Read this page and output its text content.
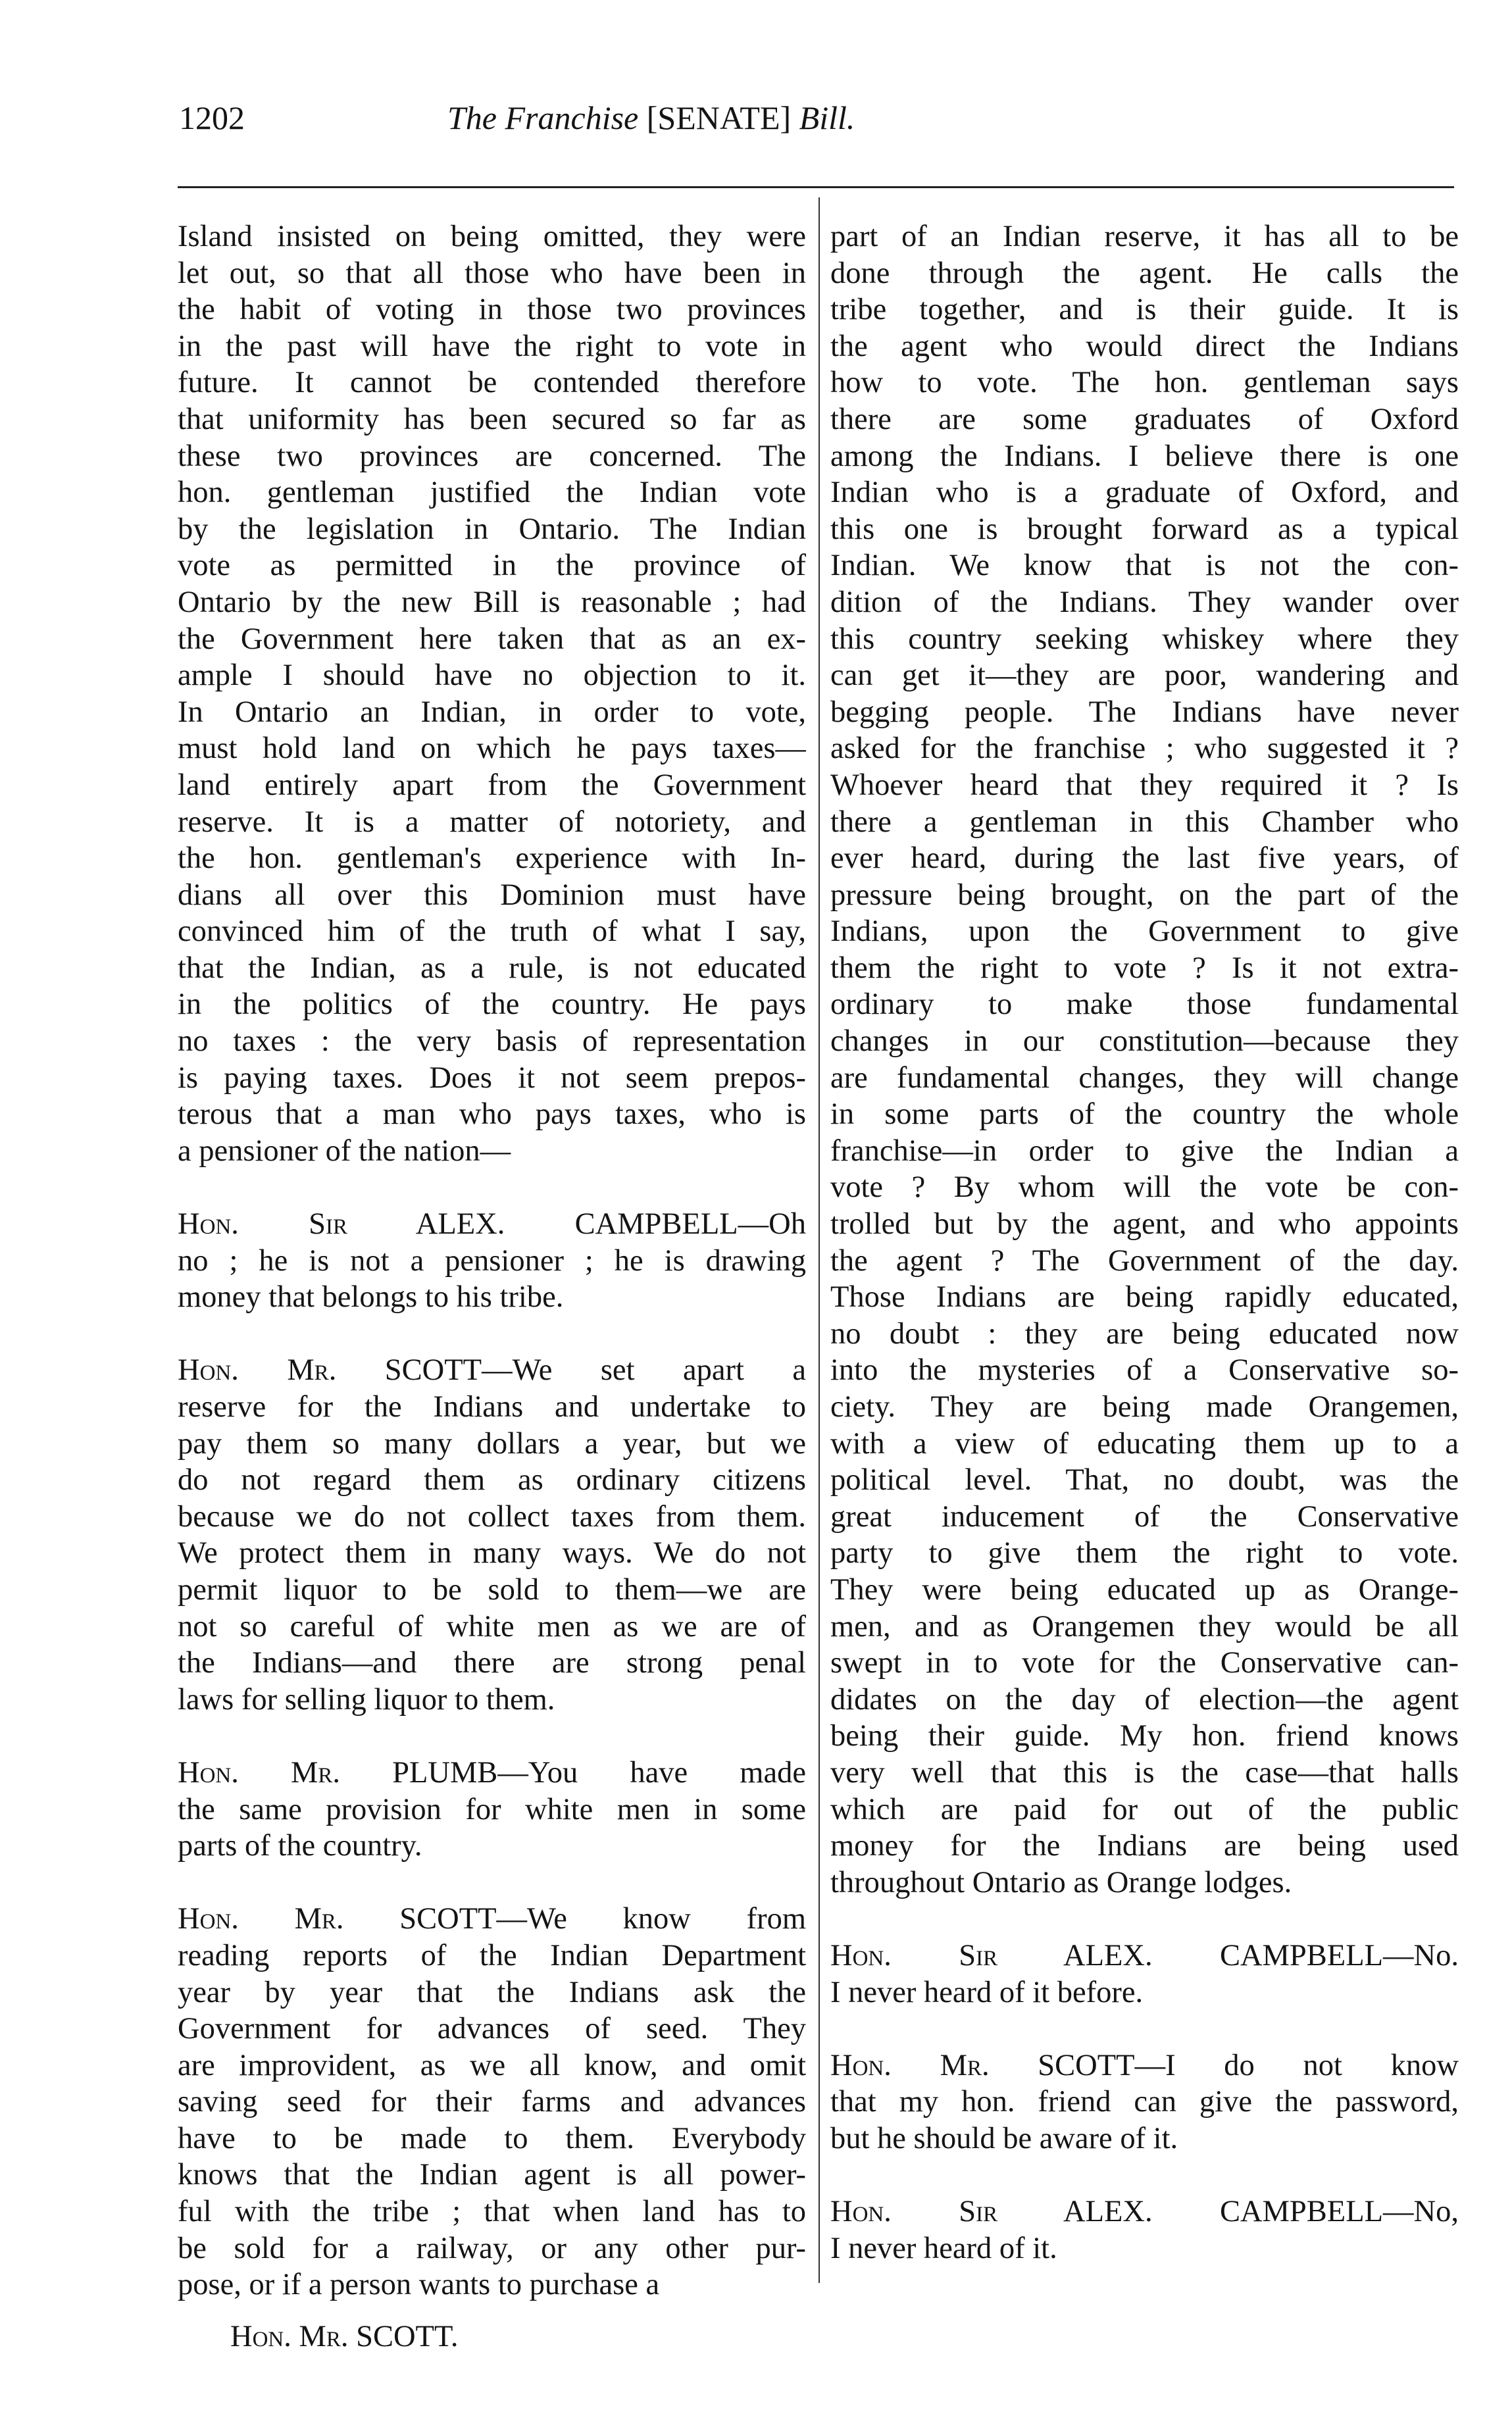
1202	The Franchise [SENATE] Bill.
Island insisted on being omitted, they were
let out, so that all those who have been in
the habit of voting in those two provinces
in the past will have the right to vote in
future. It cannot be contended therefore
that uniformity has been secured so far as
these two provinces are concerned. The
hon. gentleman justified the Indian vote
by the legislation in Ontario. The Indian
vote as permitted in the province of
Ontario by the new Bill is reasonable ; had
the Government here taken that as an ex-
ample I should have no objection to it.
In Ontario an Indian, in order to vote,
must hold land on which he pays taxes—
land entirely apart from the Government
reserve. It is a matter of notoriety, and
the hon. gentleman's experience with In-
dians all over this Dominion must have
convinced him of the truth of what I say,
that the Indian, as a rule, is not educated
in the politics of the country. He pays
no taxes : the very basis of representation
is paying taxes. Does it not seem prepos-
terous that a man who pays taxes, who is
a pensioner of the nation—
Hon. Sir ALEX. CAMPBELL—Oh
no ; he is not a pensioner ; he is drawing
money that belongs to his tribe.
Hon. Mr. SCOTT—We set apart a
reserve for the Indians and undertake to
pay them so many dollars a year, but we
do not regard them as ordinary citizens
because we do not collect taxes from them.
We protect them in many ways. We do not
permit liquor to be sold to them—we are
not so careful of white men as we are of
the Indians—and there are strong penal
laws for selling liquor to them.
Hon. Mr. PLUMB—You have made
the same provision for white men in some
parts of the country.
Hon. Mr. SCOTT—We know from
reading reports of the Indian Department
year by year that the Indians ask the
Government for advances of seed. They
are improvident, as we all know, and omit
saving seed for their farms and advances
have to be made to them. Everybody
knows that the Indian agent is all power-
ful with the tribe ; that when land has to
be sold for a railway, or any other pur-
pose, or if a person wants to purchase a
part of an Indian reserve, it has all to be
done through the agent. He calls the
tribe together, and is their guide. It is
the agent who would direct the Indians
how to vote. The hon. gentleman says
there are some graduates of Oxford
among the Indians. I believe there is one
Indian who is a graduate of Oxford, and
this one is brought forward as a typical
Indian. We know that is not the con-
dition of the Indians. They wander over
this country seeking whiskey where they
can get it—they are poor, wandering and
begging people. The Indians have never
asked for the franchise ; who suggested it ?
Whoever heard that they required it ? Is
there a gentleman in this Chamber who
ever heard, during the last five years, of
pressure being brought, on the part of the
Indians, upon the Government to give
them the right to vote ? Is it not extra-
ordinary to make those fundamental
changes in our constitution—because they
are fundamental changes, they will change
in some parts of the country the whole
franchise—in order to give the Indian a
vote ? By whom will the vote be con-
trolled but by the agent, and who appoints
the agent ? The Government of the day.
Those Indians are being rapidly educated,
no doubt : they are being educated now
into the mysteries of a Conservative so-
ciety. They are being made Orangemen,
with a view of educating them up to a
political level. That, no doubt, was the
great inducement of the Conservative
party to give them the right to vote.
They were being educated up as Orange-
men, and as Orangemen they would be all
swept in to vote for the Conservative can-
didates on the day of election—the agent
being their guide. My hon. friend knows
very well that this is the case—that halls
which are paid for out of the public
money for the Indians are being used
throughout Ontario as Orange lodges.
Hon. Sir ALEX. CAMPBELL—No.
I never heard of it before.
Hon. Mr. SCOTT—I do not know
that my hon. friend can give the password,
but he should be aware of it.
Hon. Sir ALEX. CAMPBELL—No,
I never heard of it.
Hon. Mr. SCOTT.
